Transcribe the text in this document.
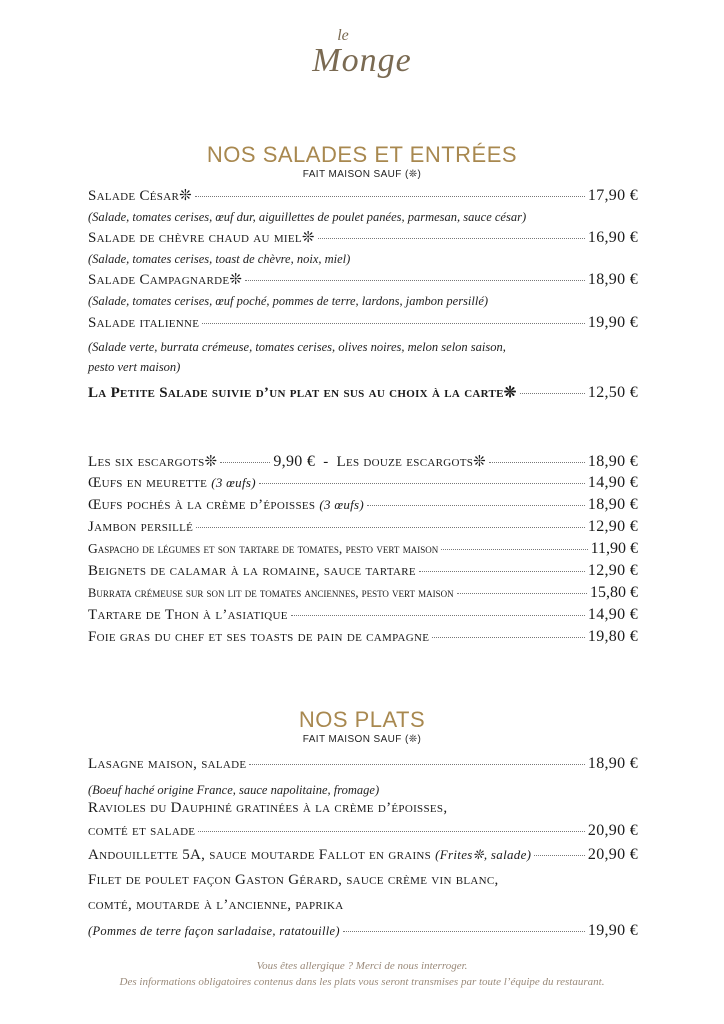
le
Monge
NOS SALADES ET ENTRÉES
FAIT MAISON SAUF (❊)
Salade César❊	17,90 €
(Salade, tomates cerises, œuf dur, aiguillettes de poulet panées, parmesan, sauce césar)
Salade de chèvre chaud au miel❊	16,90 €
(Salade, tomates cerises, toast de chèvre, noix, miel)
Salade Campagnarde❊	18,90 €
(Salade, tomates cerises, œuf poché, pommes de terre, lardons, jambon persillé)
Salade italienne	19,90 €
(Salade verte, burrata crémeuse, tomates cerises, olives noires, melon selon saison,
pesto vert maison)
La Petite Salade suivie d’un plat en sus au choix à la carte❊	12,50 €
Les six escargots❊	9,90 € - Les douze escargots❊	18,90 €
Œufs en meurette
(3 œufs)	14,90 €
Œufs pochés à la crème d’époisses
(3 œufs)	18,90 €
Jambon persillé	12,90 €
Gaspacho de légumes et son tartare de tomates, pesto vert maison	11,90 €
Beignets de calamar à la romaine, sauce tartare	12,90 €
Burrata crémeuse sur son lit de tomates anciennes, pesto vert maison	15,80 €
Tartare de Thon à l’asiatique	14,90 €
Foie gras du chef et ses toasts de pain de campagne	19,80 €
NOS PLATS
FAIT MAISON SAUF (❊)
Lasagne maison, salade	18,90 €
(Boeuf haché origine France, sauce napolitaine, fromage)
Ravioles du Dauphiné gratinées à la crème d’époisses,
comté et salade	20,90 €
Andouillette 5A, sauce moutarde Fallot en grains
(Frites❊, salade)	20,90 €
Filet de poulet façon Gaston Gérard, sauce crème vin blanc,
comté, moutarde à l’ancienne, paprika
(Pommes de terre façon sarladaise, ratatouille)	19,90 €
Vous êtes allergique ? Merci de nous interroger.
Des informations obligatoires contenus dans les plats vous seront transmises par toute l’équipe du restaurant.
